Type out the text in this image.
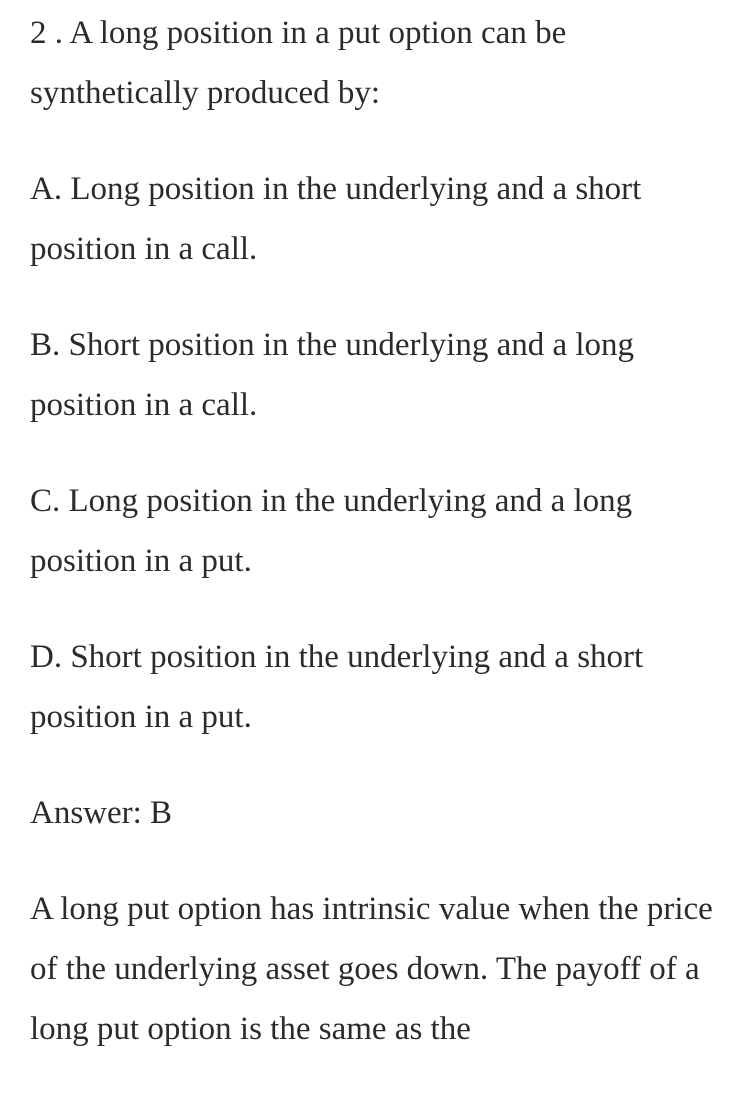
2 . A long position in a put option can be synthetically produced by:

A. Long position in the underlying and a short position in a call.

B. Short position in the underlying and a long position in a call.

C. Long position in the underlying and a long position in a put.

D. Short position in the underlying and a short position in a put.

Answer: B

A long put option has intrinsic value when the price of the underlying asset goes down. The payoff of a long put option is the same as the
